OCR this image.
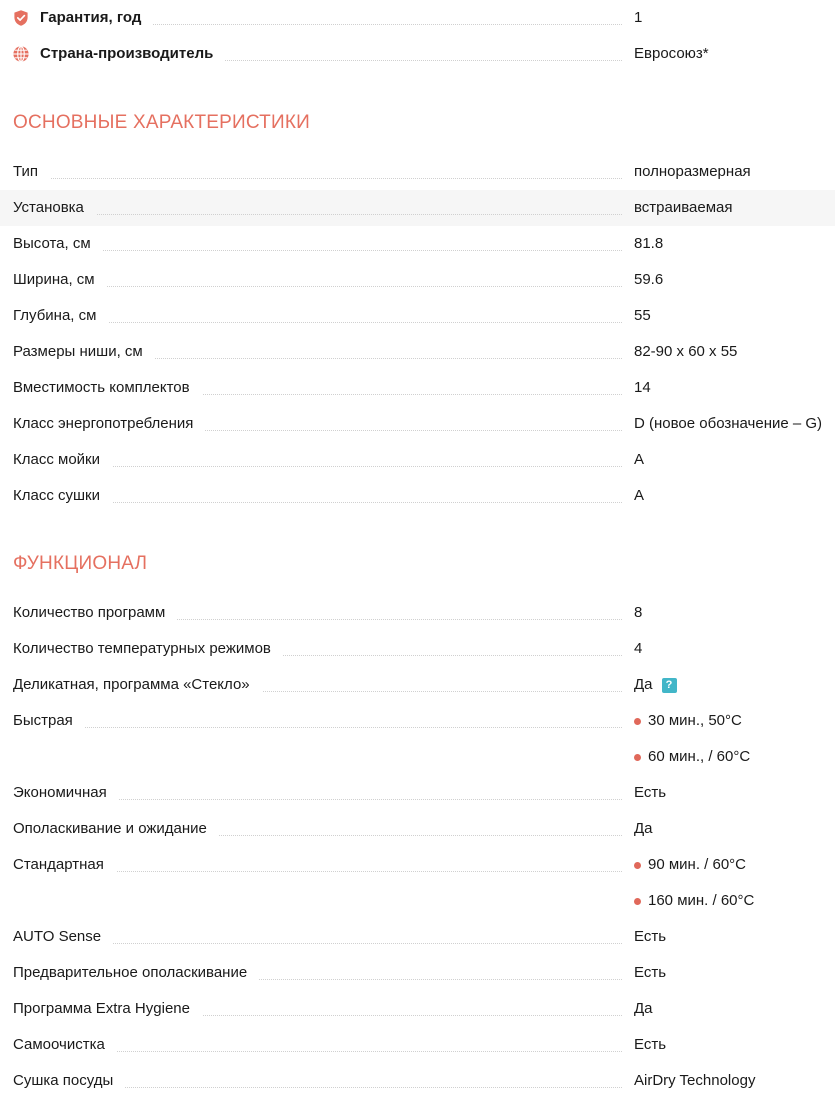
Гарантия, год	1
Страна-производитель	Евросоюз*
ОСНОВНЫЕ ХАРАКТЕРИСТИКИ
Тип	полноразмерная
Установка	встраиваемая
Высота, см	81.8
Ширина, см	59.6
Глубина, см	55
Размеры ниши, см	82-90 x 60 x 55
Вместимость комплектов	14
Класс энергопотребления	D (новое обозначение – G)
Класс мойки	A
Класс сушки	A
ФУНКЦИОНАЛ
Количество программ	8
Количество температурных режимов	4
Деликатная, программа «Стекло»	Да	?
Быстрая	30 мин., 50°C
60 мин., / 60°C
Экономичная	Есть
Ополаскивание и ожидание	Да
Стандартная	90 мин. / 60°C
160 мин. / 60°C
AUTO Sense	Есть
Предварительное ополаскивание	Есть
Программа Extra Hygiene	Да
Самоочистка	Есть
Сушка посуды	AirDry Technology
